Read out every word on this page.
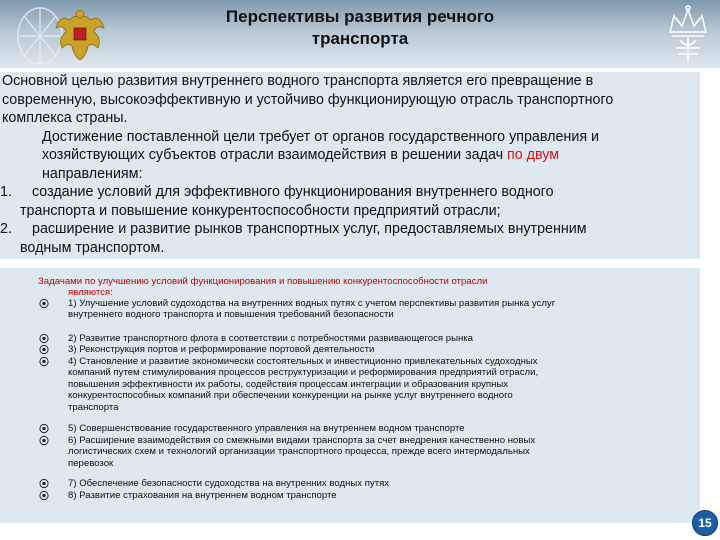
Перспективы развития речного
транспорта
Основной целью развития внутреннего водного транспорта является его превращение в
современную, высокоэффективную и устойчиво функционирующую отрасль транспортного
комплекса страны.
Достижение поставленной цели требует от органов государственного управления и
хозяйствующих субъектов отрасли взаимодействия в решении задач по двум
направлениям:
1.	создание условий для эффективного функционирования внутреннего водного
транспорта и повышение конкурентоспособности предприятий отрасли;
2.	расширение и развитие рынков транспортных услуг, предоставляемых внутренним
водным транспортом.
Задачами по улучшению условий функционирования и повышению конкурентоспособности отрасли
являются:
1) Улучшение условий судоходства на внутренних водных путях с учетом перспективы развития рынка услуг
внутреннего водного транспорта и повышения требований безопасности
2) Развитие транспортного флота в соответствии с потребностями развивающегося рынка
3) Реконструкция портов и реформирование портовой деятельности
4) Становление и развитие экономически состоятельных и инвестиционно привлекательных судоходных
компаний путем стимулирования процессов реструктуризации и реформирования предприятий отрасли,
повышения эффективности их работы, содействия процессам интеграции и образования крупных
конкурентоспособных компаний при обеспечении конкуренции на рынке услуг внутреннего водного
транспорта
5) Совершенствование государственного управления на внутреннем водном транспорте
6) Расширение взаимодействия со смежными видами транспорта за счет внедрения качественно новых
логистических схем и технологий организации транспортного процесса, прежде всего интермодальных
перевозок
7) Обеспечение безопасности судоходства на внутренних водных путях
8) Развитие страхования на внутреннем водном транспорте
15
